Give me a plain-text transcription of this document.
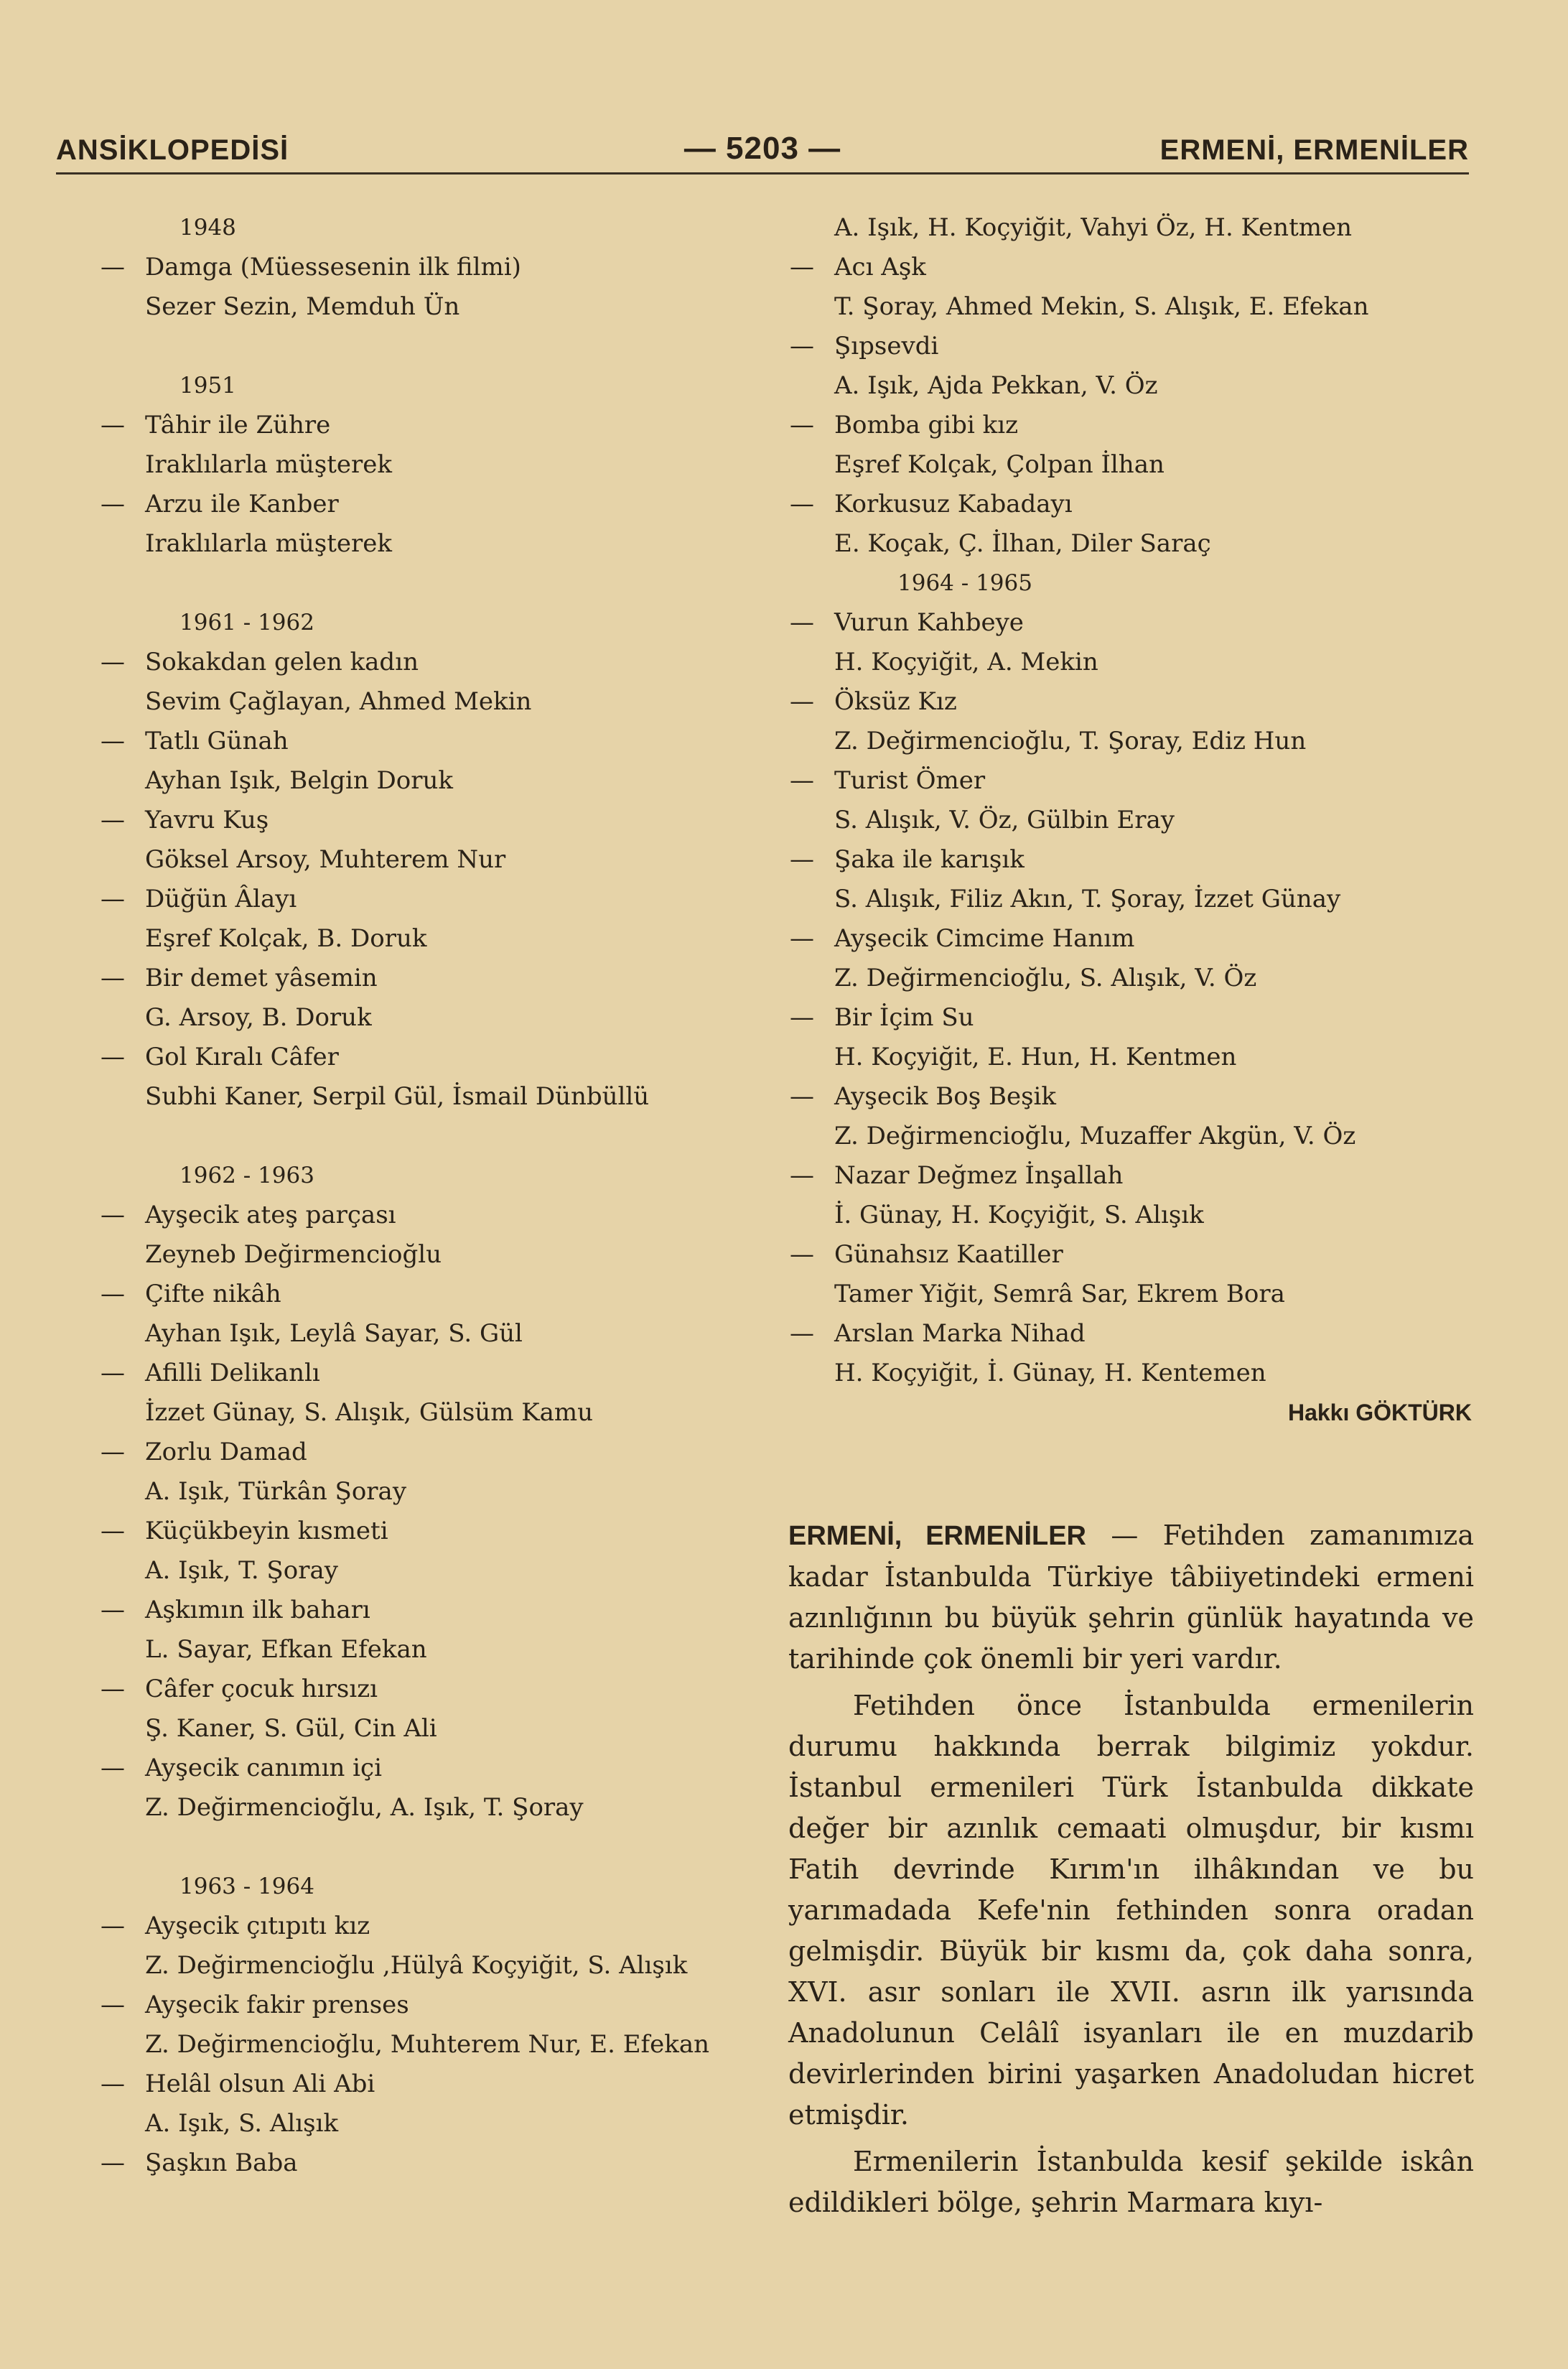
ANSİKLOPEDİSİ	— 5203 —	ERMENİ, ERMENİLER
1948
— Damga (Müessesenin ilk filmi)
Sezer Sezin, Memduh Ün
1951
— Tâhir ile Zühre
Iraklılarla müşterek
— Arzu ile Kanber
Iraklılarla müşterek
1961 - 1962
— Sokakdan gelen kadın
Sevim Çağlayan, Ahmed Mekin
— Tatlı Günah
Ayhan Işık, Belgin Doruk
— Yavru Kuş
Göksel Arsoy, Muhterem Nur
— Düğün Âlayı
Eşref Kolçak, B. Doruk
— Bir demet yâsemin
G. Arsoy, B. Doruk
— Gol Kıralı Câfer
Subhi Kaner, Serpil Gül, İsmail Dünbüllü
1962 - 1963
— Ayşecik ateş parçası
Zeyneb Değirmencioğlu
— Çifte nikâh
Ayhan Işık, Leylâ Sayar, S. Gül
— Afilli Delikanlı
İzzet Günay, S. Alışık, Gülsüm Kamu
— Zorlu Damad
A. Işık, Türkân Şoray
— Küçükbeyin kısmeti
A. Işık, T. Şoray
— Aşkımın ilk baharı
L. Sayar, Efkan Efekan
— Câfer çocuk hırsızı
Ş. Kaner, S. Gül, Cin Ali
— Ayşecik canımın içi
Z. Değirmencioğlu, A. Işık, T. Şoray
1963 - 1964
— Ayşecik çıtıpıtı kız
Z. Değirmencioğlu ,Hülyâ Koçyiğit, S. Alışık
— Ayşecik fakir prenses
Z. Değirmencioğlu, Muhterem Nur, E. Efekan
— Helâl olsun Ali Abi
A. Işık, S. Alışık
— Şaşkın Baba
A. Işık, H. Koçyiğit, Vahyi Öz, H. Kentmen
— Acı Aşk
T. Şoray, Ahmed Mekin, S. Alışık, E. Efekan
— Şıpsevdi
A. Işık, Ajda Pekkan, V. Öz
— Bomba gibi kız
Eşref Kolçak, Çolpan İlhan
— Korkusuz Kabadayı
E. Koçak, Ç. İlhan, Diler Saraç
1964 - 1965
— Vurun Kahbeye
H. Koçyiğit, A. Mekin
— Öksüz Kız
Z. Değirmencioğlu, T. Şoray, Ediz Hun
— Turist Ömer
S. Alışık, V. Öz, Gülbin Eray
— Şaka ile karışık
S. Alışık, Filiz Akın, T. Şoray, İzzet Günay
— Ayşecik Cimcime Hanım
Z. Değirmencioğlu, S. Alışık, V. Öz
— Bir İçim Su
H. Koçyiğit, E. Hun, H. Kentmen
— Ayşecik Boş Beşik
Z. Değirmencioğlu, Muzaffer Akgün, V. Öz
— Nazar Değmez İnşallah
İ. Günay, H. Koçyiğit, S. Alışık
— Günahsız Kaatiller
Tamer Yiğit, Semrâ Sar, Ekrem Bora
— Arslan Marka Nihad
H. Koçyiğit, İ. Günay, H. Kentemen
Hakkı GÖKTÜRK

ERMENİ, ERMENİLER — Fetihden zamanımıza kadar İstanbulda Türkiye tâbiiyetindeki ermeni azınlığının bu büyük şehrin günlük hayatında ve tarihinde çok önemli bir yeri vardır.

Fetihden önce İstanbulda ermenilerin durumu hakkında berrak bilgimiz yokdur. İstanbul ermenileri Türk İstanbulda dikkate değer bir azınlık cemaati olmuşdur, bir kısmı Fatih devrinde Kırım'ın ilhâkından ve bu yarımadada Kefe'nin fethinden sonra oradan gelmişdir. Büyük bir kısmı da, çok daha sonra, XVI. asır sonları ile XVII. asrın ilk yarısında Anadolunun Celâlî isyanları ile en muzdarib devirlerinden birini yaşarken Anadoludan hicret etmişdir.

Ermenilerin İstanbulda kesif şekilde iskân edildikleri bölge, şehrin Marmara kıyı-
